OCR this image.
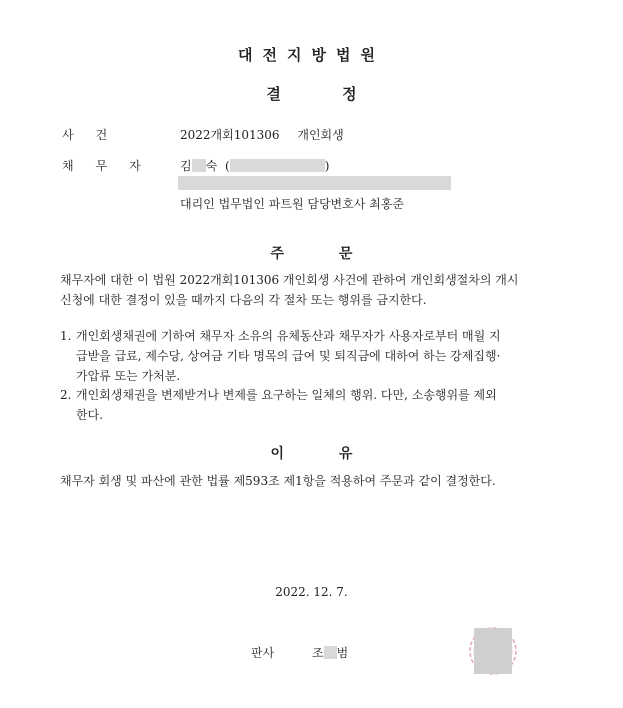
대전지방법원
결 정
사건	2022개회101306 개인회생
채무자 김 숙 (	)
대리인 법무법인 파트원 담당변호사 최홍준
주 문
채무자에 대한 이 법원 2022개회101306 개인회생 사건에 관하여 개인회생절차의 개시
신청에 대한 결정이 있을 때까지 다음의 각 절차 또는 행위를 금지한다.
1. 개인회생채권에 기하여 채무자 소유의 유체동산과 채무자가 사용자로부터 매월 지
급받을 급료, 제수당, 상여금 기타 명목의 급여 및 퇴직금에 대하여 하는 강제집행·
가압류 또는 가처분.
2. 개인회생채권을 변제받거나 변제를 요구하는 일체의 행위. 다만, 소송행위를 제외
한다.
이 유
채무자 회생 및 파산에 관한 법률 제593조 제1항을 적용하여 주문과 같이 결정한다.
2022. 12. 7.
판사	조 범
